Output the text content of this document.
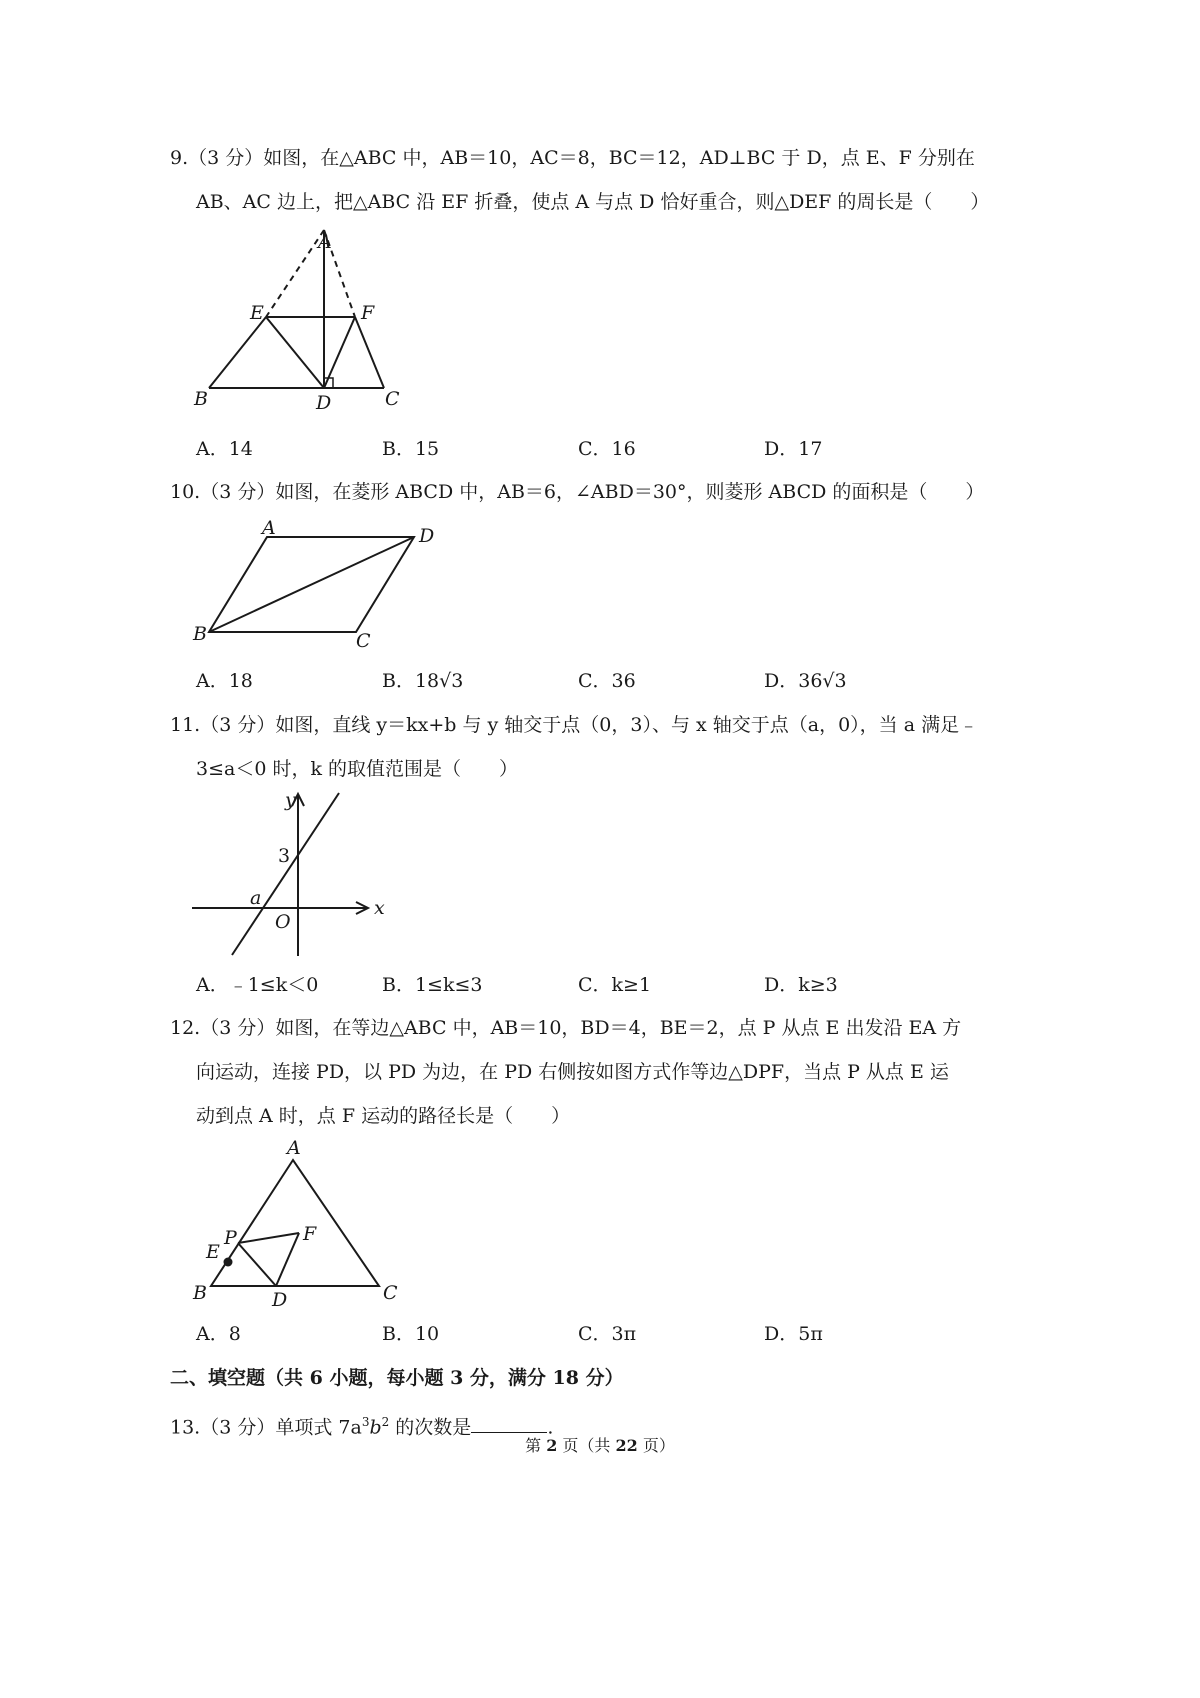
9.（3 分）如图，在△ABC 中，AB＝10，AC＝8，BC＝12，AD⊥BC 于 D，点 E、F 分别在
AB、AC 边上，把△ABC 沿 EF 折叠，使点 A 与点 D 恰好重合，则△DEF 的周长是（　　）
A
E	F
B	D	C
A．14	B．15	C．16	D．17
10.（3 分）如图，在菱形 ABCD 中，AB＝6，∠ABD＝30°，则菱形 ABCD 的面积是（　　）
A	D
B	C
A．18	B．18√3	C．36	D．36√3
11.（3 分）如图，直线 y＝kx+b 与 y 轴交于点（0，3）、与 x 轴交于点（a，0），当 a 满足﹣
3≤a＜0 时，k 的取值范围是（　　）
y
3
a
O
x
A．﹣1≤k＜0	B．1≤k≤3	C．k≥1	D．k≥3
12.（3 分）如图，在等边△ABC 中，AB＝10，BD＝4，BE＝2，点 P 从点 E 出发沿 EA 方
向运动，连接 PD，以 PD 为边，在 PD 右侧按如图方式作等边△DPF，当点 P 从点 E 运
动到点 A 时，点 F 运动的路径长是（　　）
A
P	F
E
B	D	C
A．8	B．10	C．3π	D．5π
二、填空题（共 6 小题，每小题 3 分，满分 18 分）
13.（3 分）单项式 $7a^3b^2$ 的次数是	.
第 2 页（共 22 页）
